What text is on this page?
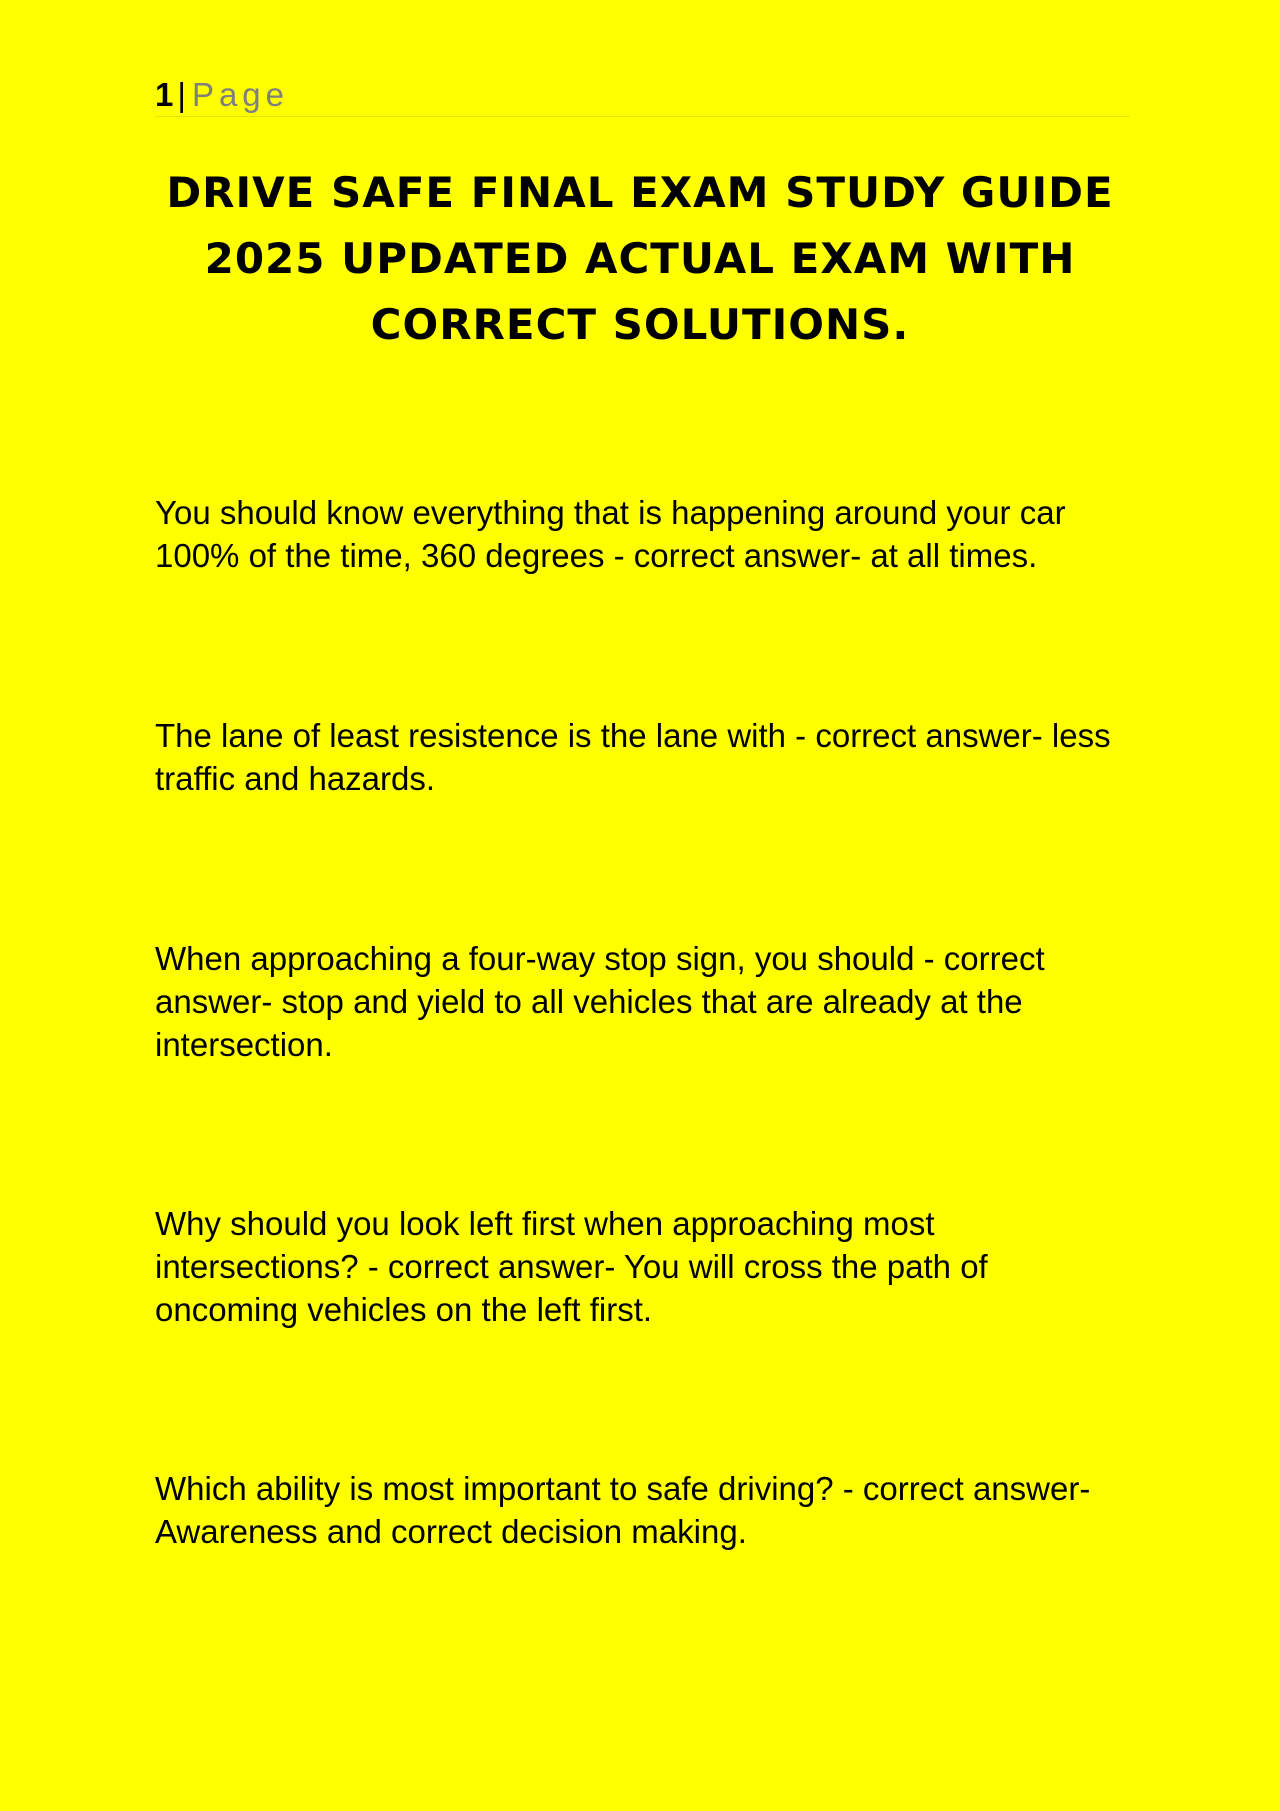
1 | Page
DRIVE SAFE FINAL EXAM STUDY GUIDE 2025 UPDATED ACTUAL EXAM WITH CORRECT SOLUTIONS.

You should know everything that is happening around your car 100% of the time, 360 degrees - correct answer- at all times.

The lane of least resistence is the lane with - correct answer- less traffic and hazards.

When approaching a four-way stop sign, you should - correct answer- stop and yield to all vehicles that are already at the intersection.

Why should you look left first when approaching most intersections? - correct answer- You will cross the path of oncoming vehicles on the left first.

Which ability is most important to safe driving? - correct answer- Awareness and correct decision making.
